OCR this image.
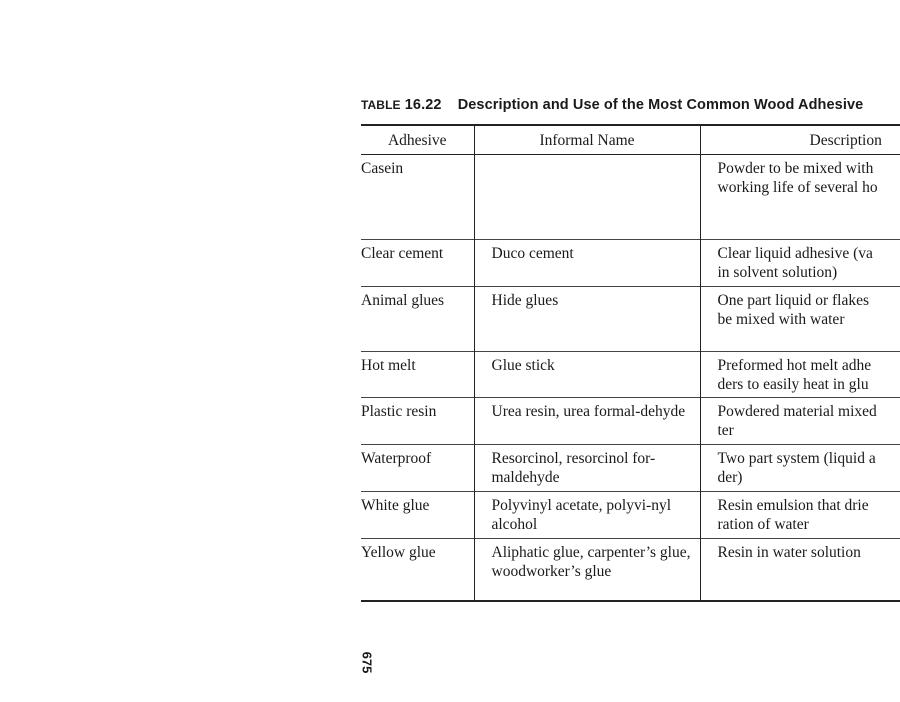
TABLE 16.22 Description and Use of the Most Common Wood Adhesive
Adhesive	Informal Name	Description
Casein		Powder to be mixed with
working life of several ho

Clear cement	Duco cement	Clear liquid adhesive (va
in solvent solution)

Animal glues	Hide glues	One part liquid or flakes
be mixed with water

Hot melt	Glue stick	Preformed hot melt adhe
ders to easily heat in glu

Plastic resin	Urea resin, urea formal-dehyde	Powdered material mixed
ter

Waterproof	Resorcinol, resorcinol for-maldehyde	Two part system (liquid a
der)

White glue	Polyvinyl acetate, polyvi-nyl alcohol	Resin emulsion that drie
ration of water

Yellow glue	Aliphatic glue, carpenter’s glue, woodworker’s glue	Resin in water solution
675
